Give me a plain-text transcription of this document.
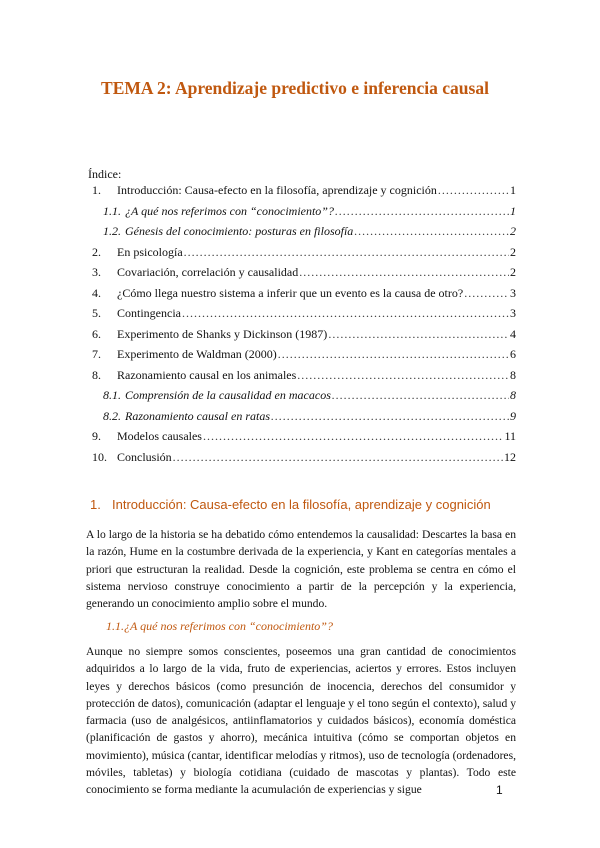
TEMA 2: Aprendizaje predictivo e inferencia causal
Índice:
1.	Introducción: Causa-efecto en la filosofía, aprendizaje y cognición .....	1
1.1. ¿A qué nos referimos con “conocimiento”? .....	1
1.2. Génesis del conocimiento: posturas en filosofía .....	2
2.	En psicología .....	2
3.	Covariación, correlación y causalidad .....	2
4.	¿Cómo llega nuestro sistema a inferir que un evento es la causa de otro? .....	3
5.	Contingencia .....	3
6.	Experimento de Shanks y Dickinson (1987) .....	4
7.	Experimento de Waldman (2000) .....	6
8.	Razonamiento causal en los animales .....	8
8.1. Comprensión de la causalidad en macacos .....	8
8.2. Razonamiento causal en ratas .....	9
9.	Modelos causales .....	11
10. Conclusión .....	12
1. Introducción: Causa-efecto en la filosofía, aprendizaje y cognición

A lo largo de la historia se ha debatido cómo entendemos la causalidad: Descartes la basa en la razón, Hume en la costumbre derivada de la experiencia, y Kant en categorías mentales a priori que estructuran la realidad. Desde la cognición, este problema se centra en cómo el sistema nervioso construye conocimiento a partir de la percepción y la experiencia, generando un conocimiento amplio sobre el mundo.

1.1.¿A qué nos referimos con “conocimiento”?

Aunque no siempre somos conscientes, poseemos una gran cantidad de conocimientos adquiridos a lo largo de la vida, fruto de experiencias, aciertos y errores. Estos incluyen leyes y derechos básicos (como presunción de inocencia, derechos del consumidor y protección de datos), comunicación (adaptar el lenguaje y el tono según el contexto), salud y farmacia (uso de analgésicos, antiinflamatorios y cuidados básicos), economía doméstica (planificación de gastos y ahorro), mecánica intuitiva (cómo se comportan objetos en movimiento), música (cantar, identificar melodías y ritmos), uso de tecnología (ordenadores, móviles, tabletas) y biología cotidiana (cuidado de mascotas y plantas). Todo este conocimiento se forma mediante la acumulación de experiencias y sigue	1
